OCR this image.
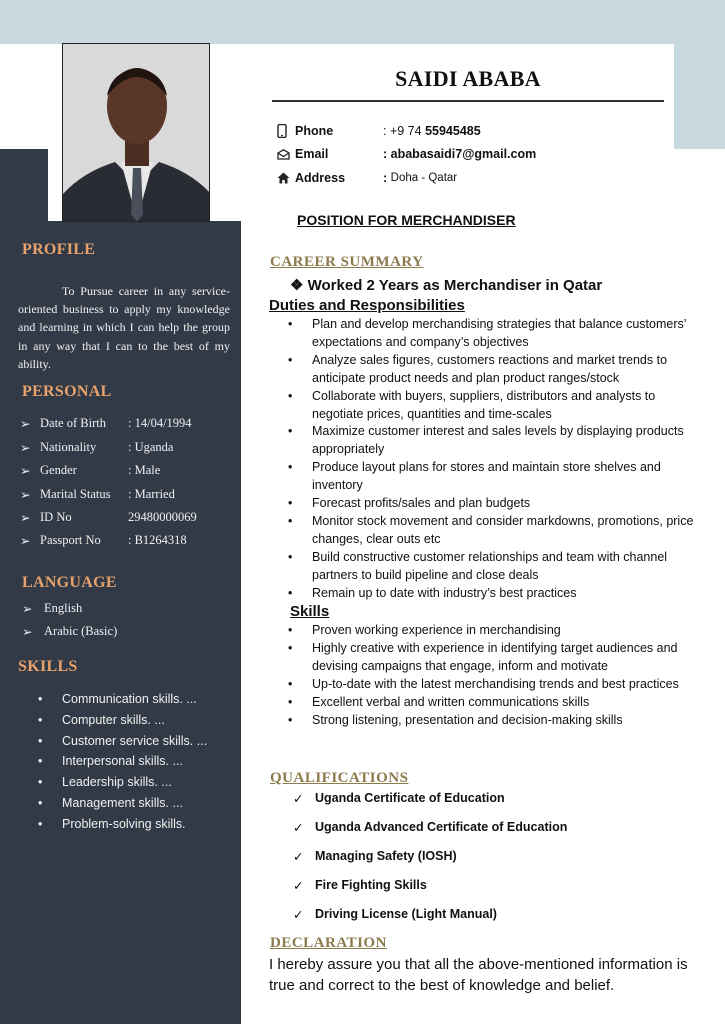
SAIDI ABABA
Phone	: +9 74 55945485
Email	: ababasaidi7@gmail.com
Address	: Doha - Qatar
POSITION FOR MERCHANDISER
PROFILE
To Pursue career in any service-oriented business to apply my knowledge and learning in which I can help the group in any way that I can to the best of my ability.
PERSONAL
➢ Date of Birth	: 14/04/1994
➢ Nationality	: Uganda
➢ Gender	: Male
➢ Marital Status	: Married
➢ ID No	29480000069
➢ Passport No	: B1264318
LANGUAGE
➢ English
➢ Arabic (Basic)
SKILLS
•	Communication skills. ...
•	Computer skills. ...
•	Customer service skills. ...
•	Interpersonal skills. ...
•	Leadership skills. ...
•	Management skills. ...
•	Problem-solving skills.
CAREER SUMMARY
❖ Worked 2 Years as Merchandiser in Qatar
Duties and Responsibilities
•	Plan and develop merchandising strategies that balance customers’ expectations and company’s objectives
•	Analyze sales figures, customers reactions and market trends to anticipate product needs and plan product ranges/stock
•	Collaborate with buyers, suppliers, distributors and analysts to negotiate prices, quantities and time-scales
•	Maximize customer interest and sales levels by displaying products appropriately
•	Produce layout plans for stores and maintain store shelves and inventory
•	Forecast profits/sales and plan budgets
•	Monitor stock movement and consider markdowns, promotions, price changes, clear outs etc
•	Build constructive customer relationships and team with channel partners to build pipeline and close deals
•	Remain up to date with industry’s best practices
Skills
•	Proven working experience in merchandising
•	Highly creative with experience in identifying target audiences and devising campaigns that engage, inform and motivate
•	Up-to-date with the latest merchandising trends and best practices
•	Excellent verbal and written communications skills
•	Strong listening, presentation and decision-making skills
QUALIFICATIONS
✓ Uganda Certificate of Education
✓ Uganda Advanced Certificate of Education
✓ Managing Safety (IOSH)
✓ Fire Fighting Skills
✓ Driving License (Light Manual)
DECLARATION
I hereby assure you that all the above-mentioned information is true and correct to the best of knowledge and belief.
